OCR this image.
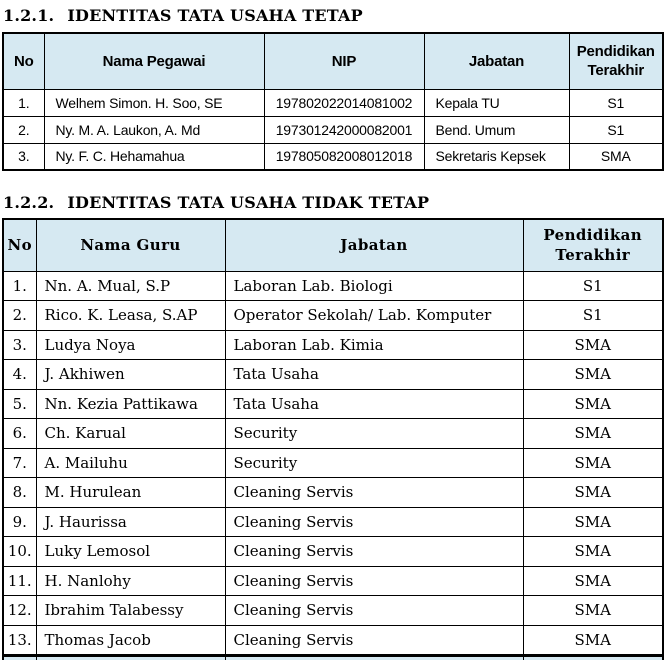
1.2.1. IDENTITAS TATA USAHA TETAP
No	Nama Pegawai	NIP	Jabatan	Pendidikan Terakhir
1.	Welhem Simon. H. Soo, SE	197802022014081002	Kepala TU	S1
2.	Ny. M. A. Laukon, A. Md	197301242000082001	Bend. Umum	S1
3.	Ny. F. C. Hehamahua	197805082008012018	Sekretaris Kepsek	SMA
1.2.2. IDENTITAS TATA USAHA TIDAK TETAP
No	Nama Guru	Jabatan	Pendidikan Terakhir
1.	Nn. A. Mual, S.P	Laboran Lab. Biologi	S1
2.	Rico. K. Leasa, S.AP	Operator Sekolah/ Lab. Komputer	S1
3.	Ludya Noya	Laboran Lab. Kimia	SMA
4.	J. Akhiwen	Tata Usaha	SMA
5.	Nn. Kezia Pattikawa	Tata Usaha	SMA
6.	Ch. Karual	Security	SMA
7.	A. Mailuhu	Security	SMA
8.	M. Hurulean	Cleaning Servis	SMA
9.	J. Haurissa	Cleaning Servis	SMA
10.	Luky Lemosol	Cleaning Servis	SMA
11.	H. Nanlohy	Cleaning Servis	SMA
12.	Ibrahim Talabessy	Cleaning Servis	SMA
13.	Thomas Jacob	Cleaning Servis	SMA
